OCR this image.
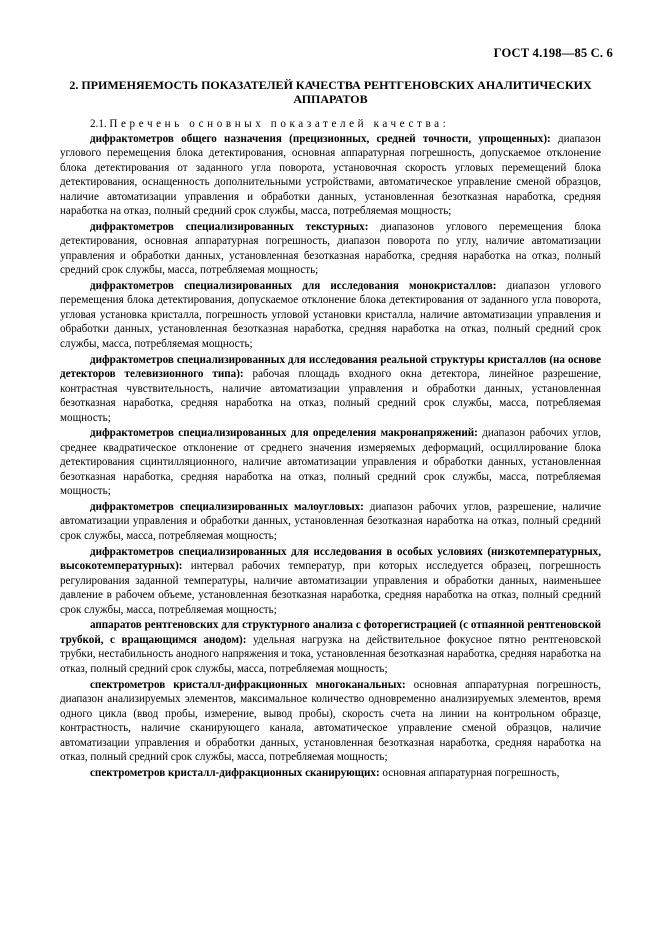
ГОСТ 4.198—85 С. 6
2. ПРИМЕНЯЕМОСТЬ ПОКАЗАТЕЛЕЙ КАЧЕСТВА РЕНТГЕНОВСКИХ АНАЛИТИЧЕСКИХ АППАРАТОВ

2.1. Перечень основных показателей качества:

дифрактометров общего назначения (прецизионных, средней точности, упрощенных): диапазон углового перемещения блока детектирования, основная аппаратурная погрешность, допускаемое отклонение блока детектирования от заданного угла поворота, установочная скорость угловых перемещений блока детектирования, оснащенность дополнительными устройствами, автоматическое управление сменой образцов, наличие автоматизации управления и обработки данных, установленная безотказная наработка, средняя наработка на отказ, полный средний срок службы, масса, потребляемая мощность;

дифрактометров специализированных текстурных: диапазонов углового перемещения блока детектирования, основная аппаратурная погрешность, диапазон поворота по углу, наличие автоматизации управления и обработки данных, установленная безотказная наработка, средняя наработка на отказ, полный средний срок службы, масса, потребляемая мощность;

дифрактометров специализированных для исследования монокристаллов: диапазон углового перемещения блока детектирования, допускаемое отклонение блока детектирования от заданного угла поворота, угловая установка кристалла, погрешность угловой установки кристалла, наличие автоматизации управления и обработки данных, установленная безотказная наработка, средняя наработка на отказ, полный средний срок службы, масса, потребляемая мощность;

дифрактометров специализированных для исследования реальной структуры кристаллов (на основе детекторов телевизионного типа): рабочая площадь входного окна детектора, линейное разрешение, контрастная чувствительность, наличие автоматизации управления и обработки данных, установленная безотказная наработка, средняя наработка на отказ, полный средний срок службы, масса, потребляемая мощность;

дифрактометров специализированных для определения макронапряжений: диапазон рабочих углов, среднее квадратическое отклонение от среднего значения измеряемых деформаций, осциллирование блока детектирования сцинтилляционного, наличие автоматизации управления и обработки данных, установленная безотказная наработка, средняя наработка на отказ, полный средний срок службы, масса, потребляемая мощность;

дифрактометров специализированных малоугловых: диапазон рабочих углов, разрешение, наличие автоматизации управления и обработки данных, установленная безотказная наработка на отказ, полный средний срок службы, масса, потребляемая мощность;

дифрактометров специализированных для исследования в особых условиях (низкотемпературных, высокотемпературных): интервал рабочих температур, при которых исследуется образец, погрешность регулирования заданной температуры, наличие автоматизации управления и обработки данных, наименьшее давление в рабочем объеме, установленная безотказная наработка, средняя наработка на отказ, полный средний срок службы, масса, потребляемая мощность;

аппаратов рентгеновских для структурного анализа с фоторегистрацией (с отпаянной рентгеновской трубкой, с вращающимся анодом): удельная нагрузка на действительное фокусное пятно рентгеновской трубки, нестабильность анодного напряжения и тока, установленная безотказная наработка, средняя наработка на отказ, полный средний срок службы, масса, потребляемая мощность;

спектрометров кристалл-дифракционных многоканальных: основная аппаратурная погрешность, диапазон анализируемых элементов, максимальное количество одновременно анализируемых элементов, время одного цикла (ввод пробы, измерение, вывод пробы), скорость счета на линии на контрольном образце, контрастность, наличие сканирующего канала, автоматическое управление сменой образцов, наличие автоматизации управления и обработки данных, установленная безотказная наработка, средняя наработка на отказ, полный средний срок службы, масса, потребляемая мощность;

спектрометров кристалл-дифракционных сканирующих: основная аппаратурная погрешность,
